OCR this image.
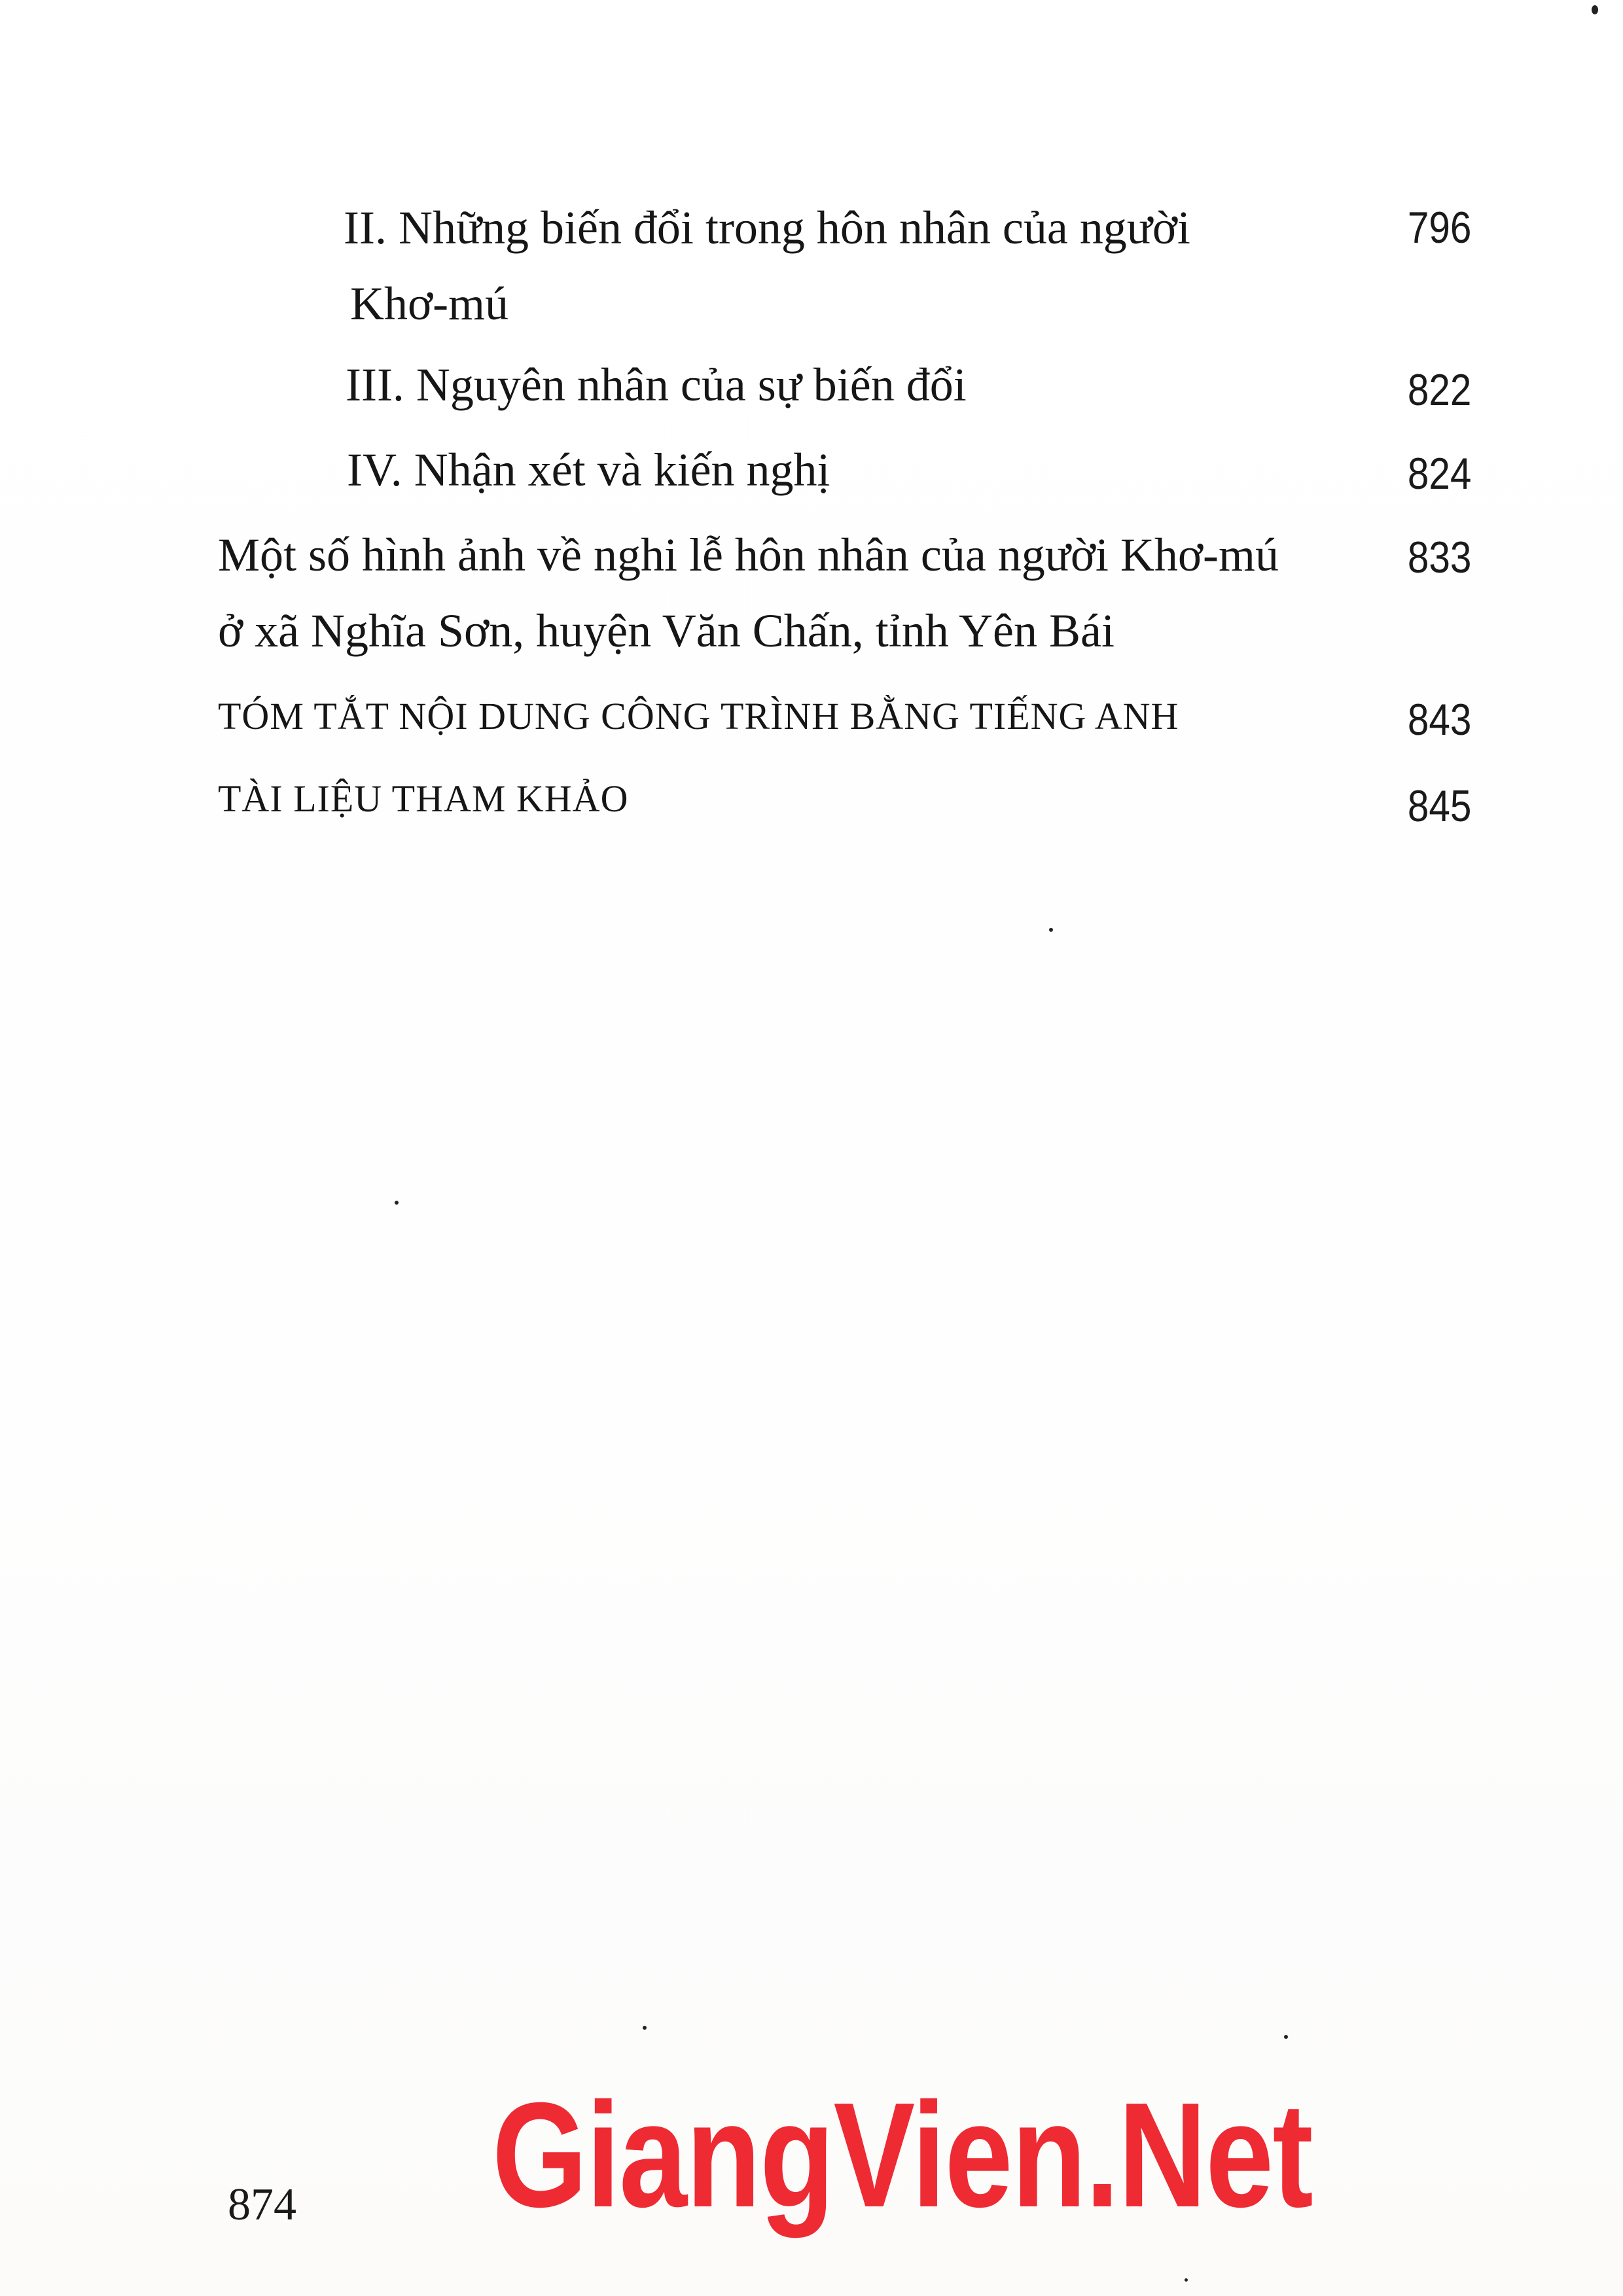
II. Những biến đổi trong hôn nhân của người	796
Khơ-mú
III. Nguyên nhân của sự biến đổi	822
IV. Nhận xét và kiến nghị	824
Một số hình ảnh về nghi lễ hôn nhân của người Khơ-mú	833
ở xã Nghĩa Sơn, huyện Văn Chấn, tỉnh Yên Bái
TÓM TẮT NỘI DUNG CÔNG TRÌNH BẰNG TIẾNG ANH	843
TÀI LIỆU THAM KHẢO	845
874 GiangVien.Net
